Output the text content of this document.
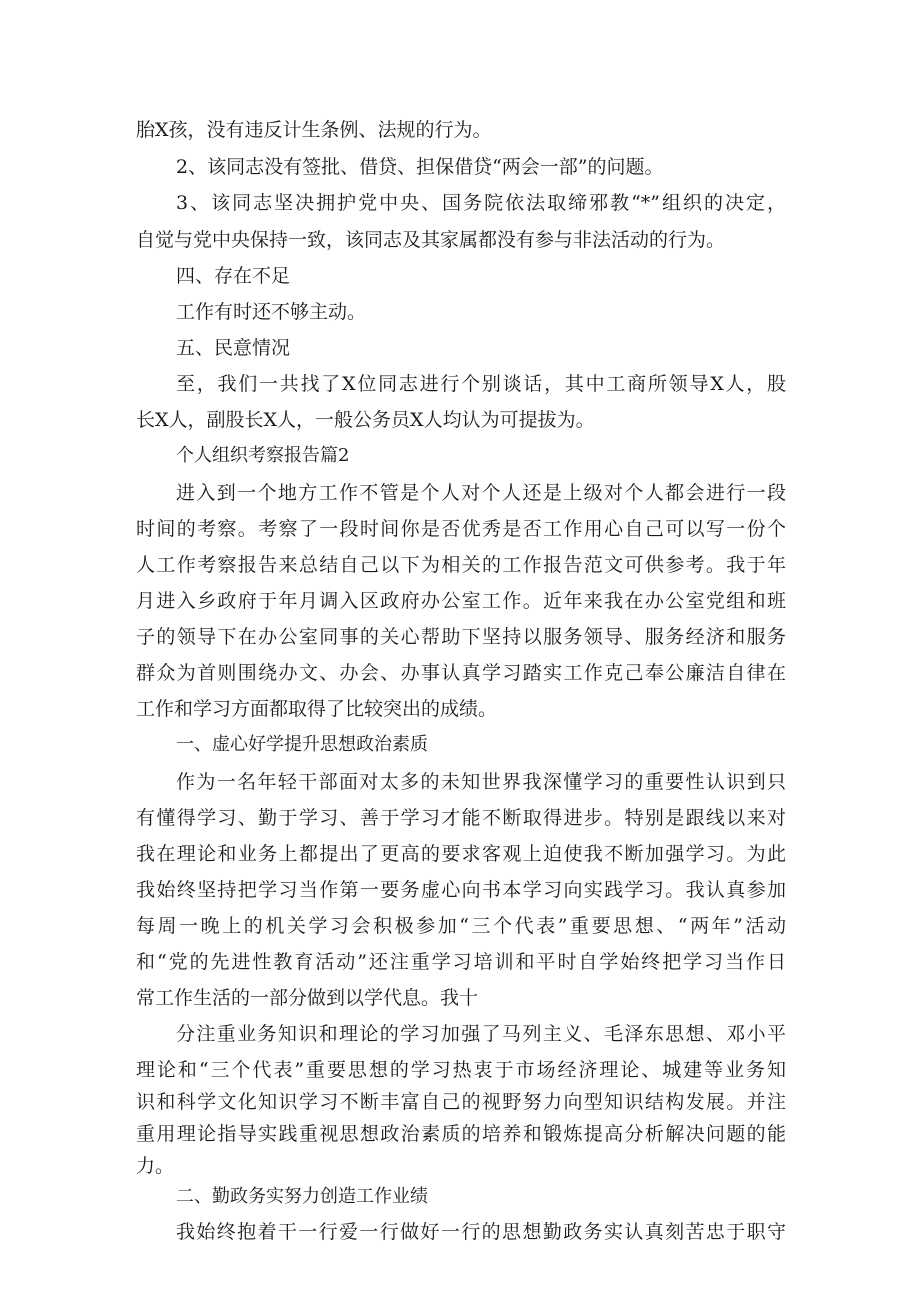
胎X孩，没有违反计生条例、法规的行为。
2、该同志没有签批、借贷、担保借贷“两会一部”的问题。
3、该同志坚决拥护党中央、国务院依法取缔邪教“*”组织的决定，
自觉与党中央保持一致，该同志及其家属都没有参与非法活动的行为。
四、存在不足
工作有时还不够主动。
五、民意情况
至，我们一共找了X位同志进行个别谈话，其中工商所领导X人，股
长X人，副股长X人，一般公务员X人均认为可提拔为。
个人组织考察报告篇2
进入到一个地方工作不管是个人对个人还是上级对个人都会进行一段
时间的考察。考察了一段时间你是否优秀是否工作用心自己可以写一份个
人工作考察报告来总结自己以下为相关的工作报告范文可供参考。我于年
月进入乡政府于年月调入区政府办公室工作。近年来我在办公室党组和班
子的领导下在办公室同事的关心帮助下坚持以服务领导、服务经济和服务
群众为首则围绕办文、办会、办事认真学习踏实工作克己奉公廉洁自律在
工作和学习方面都取得了比较突出的成绩。
一、虚心好学提升思想政治素质
作为一名年轻干部面对太多的未知世界我深懂学习的重要性认识到只
有懂得学习、勤于学习、善于学习才能不断取得进步。特别是跟线以来对
我在理论和业务上都提出了更高的要求客观上迫使我不断加强学习。为此
我始终坚持把学习当作第一要务虚心向书本学习向实践学习。我认真参加
每周一晚上的机关学习会积极参加“三个代表”重要思想、“两年”活动
和“党的先进性教育活动”还注重学习培训和平时自学始终把学习当作日
常工作生活的一部分做到以学代息。我十
分注重业务知识和理论的学习加强了马列主义、毛泽东思想、邓小平
理论和“三个代表”重要思想的学习热衷于市场经济理论、城建等业务知
识和科学文化知识学习不断丰富自己的视野努力向型知识结构发展。并注
重用理论指导实践重视思想政治素质的培养和锻炼提高分析解决问题的能
力。
二、勤政务实努力创造工作业绩
我始终抱着干一行爱一行做好一行的思想勤政务实认真刻苦忠于职守
